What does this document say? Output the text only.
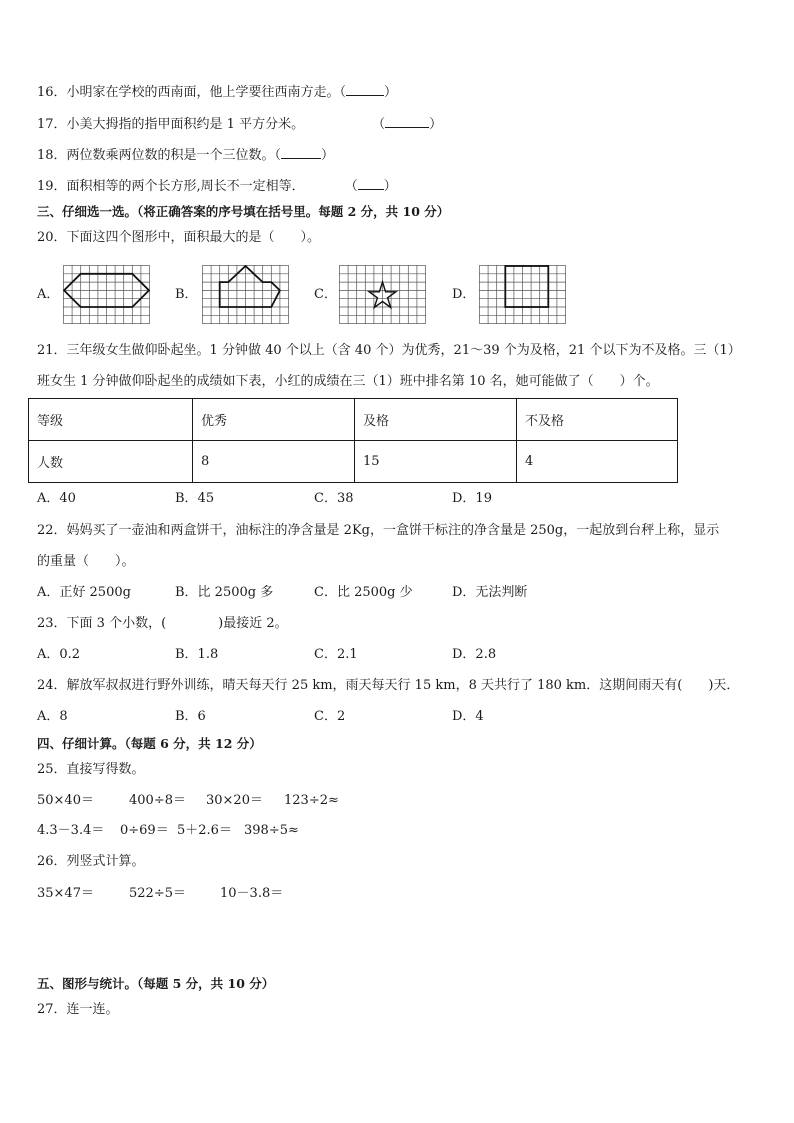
16．小明家在学校的西南面，他上学要往西南方走。（	）
17．小美大拇指的指甲面积约是 1 平方分米。	（	）
18．两位数乘两位数的积是一个三位数。（	）
19．面积相等的两个长方形,周长不一定相等．	（ ）
三、仔细选一选。（将正确答案的序号填在括号里。每题 2 分，共 10 分）
20．下面这四个图形中，面积最大的是（　　）。
A．	B．	C．	D．
21．三年级女生做仰卧起坐。1 分钟做 40 个以上（含 40 个）为优秀，21～39 个为及格，21 个以下为不及格。三（1）
班女生 1 分钟做仰卧起坐的成绩如下表，小红的成绩在三（1）班中排名第 10 名，她可能做了（　　）个。
等级	优秀	及格	不及格
人数	8	15	4
A．40	B．45	C．38	D．19
22．妈妈买了一壶油和两盒饼干，油标注的净含量是 2Kg，一盒饼干标注的净含量是 250g，一起放到台秤上称，显示
的重量（　　）。
A．正好 2500g	B．比 2500g 多	C．比 2500g 少	D．无法判断
23．下面 3 个小数，(　　　　)最接近 2。
A．0.2	B．1.8	C．2.1	D．2.8
24．解放军叔叔进行野外训练，晴天每天行 25 km，雨天每天行 15 km，8 天共行了 180 km．这期间雨天有(　　)天．
A．8	B．6	C．2	D．4
四、仔细计算。（每题 6 分，共 12 分）
25．直接写得数。
50×40＝	400÷8＝ 30×20＝ 123÷2≈
4.3－3.4＝ 0÷69＝ 5＋2.6＝ 398÷5≈
26．列竖式计算。
35×47＝	522÷5＝	10－3.8＝
五、图形与统计。（每题 5 分，共 10 分）
27．连一连。
